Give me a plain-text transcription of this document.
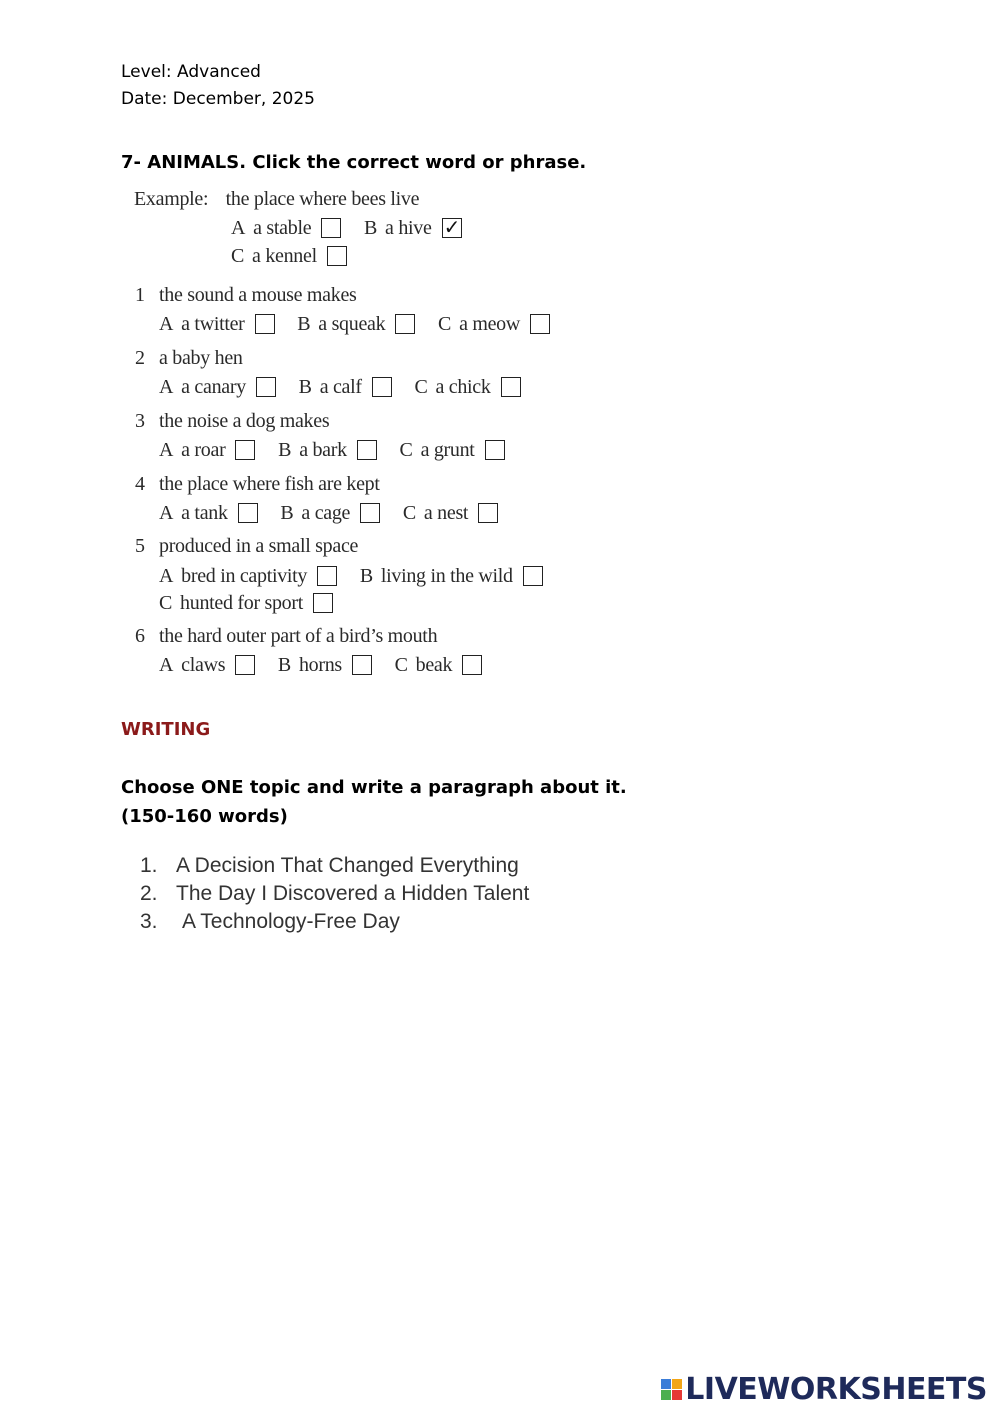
Level: Advanced
Date: December, 2025
7- ANIMALS. Click the correct word or phrase.
Example: the place where bees live
A a stable	B a hive✓
C a kennel
1 the sound a mouse makes
A a twitter	B a squeak	C a meow
2 a baby hen
A a canary	B a calf	C a chick
3 the noise a dog makes
A a roar	B a bark	C a grunt
4 the place where fish are kept
A a tank	B a cage	C a nest
5 produced in a small space
A bred in captivity	B living in the wild
C hunted for sport
6 the hard outer part of a bird’s mouth
A claws	B horns	C beak
WRITING
Choose ONE topic and write a paragraph about it.
(150-160 words)
1. A Decision That Changed Everything
2. The Day I Discovered a Hidden Talent
3. A Technology-Free Day
LIVEWORKSHEETS
